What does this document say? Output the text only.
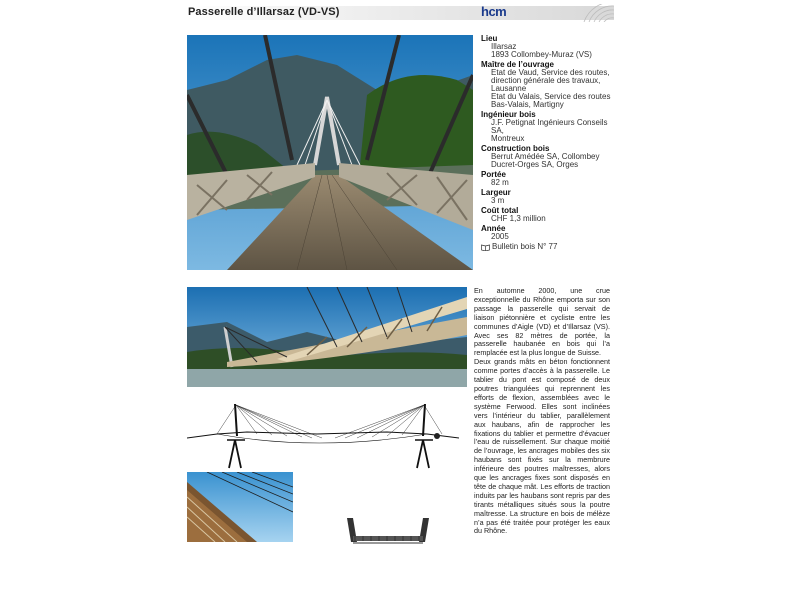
Passerelle d’Illarsaz (VD-VS)	hcm
Lieu
Illarsaz
1893 Collombey-Muraz (VS)
Maître de l’ouvrage
Etat de Vaud, Service des routes,
direction générale des travaux,
Lausanne
Etat du Valais, Service des routes
Bas-Valais, Martigny
Ingénieur bois
J.F. Petignat Ingénieurs Conseils SA,
Montreux
Construction bois
Berrut Amédée SA, Collombey
Ducret-Orges SA, Orges
Portée
82 m
Largeur
3 m
Coût total
CHF 1,3 million
Année
2005
Bulletin bois N° 77

En automne 2000, une crue exceptionnelle du Rhône emporta sur son passage la passerelle qui servait de liaison piétonnière et cycliste entre les communes d’Aigle (VD) et d’Illarsaz (VS). Avec ses 82 mètres de portée, la passerelle haubanée en bois qui l’a remplacée est la plus longue de Suisse.

Deux grands mâts en béton fonctionnent comme portes d’accès à la passerelle. Le tablier du pont est composé de deux poutres triangulées qui reprennent les efforts de flexion, assemblées avec le système Ferwood. Elles sont inclinées vers l’intérieur du tablier, parallèlement aux haubans, afin de rapprocher les fixations du tablier et permettre d’évacuer l’eau de ruissellement. Sur chaque moitié de l’ouvrage, les ancrages mobiles des six haubans sont fixés sur la membrure inférieure des poutres maîtresses, alors que les ancrages fixes sont disposés en tête de chaque mât. Les efforts de traction induits par les haubans sont repris par des tirants métalliques situés sous la poutre maîtresse. La structure en bois de mélèze n’a pas été traitée pour protéger les eaux du Rhône.
